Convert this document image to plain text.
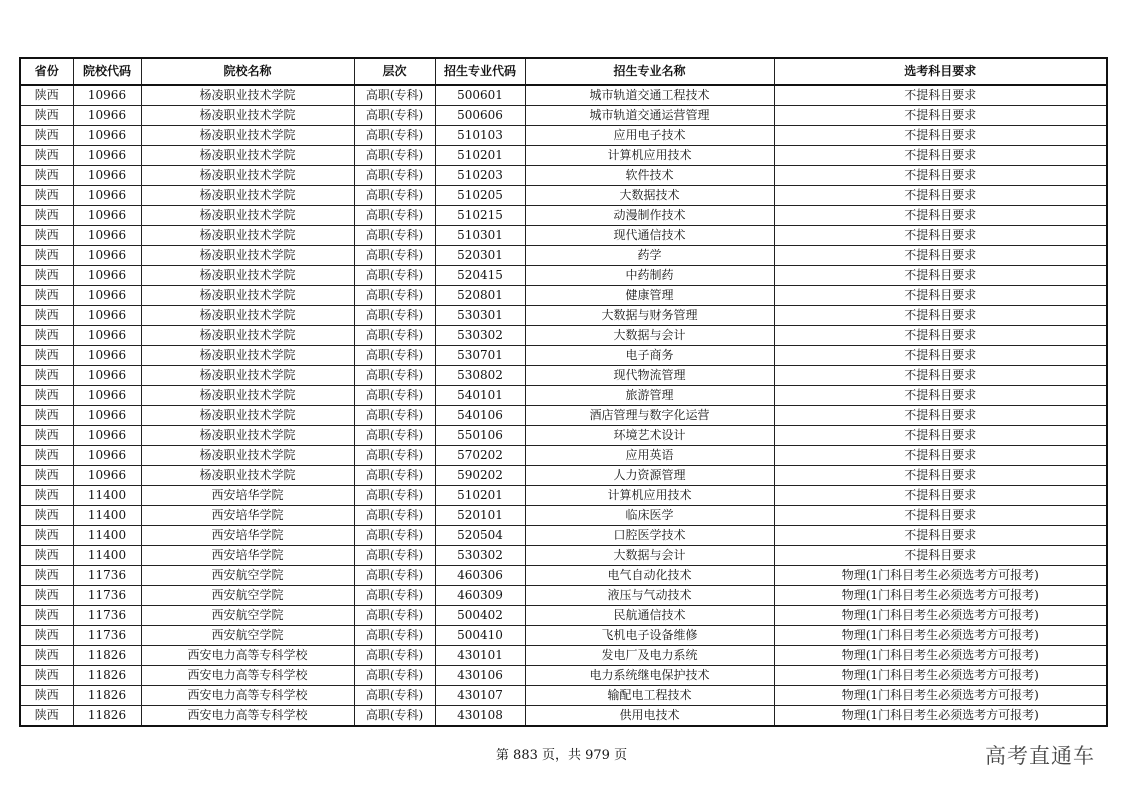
省份	院校代码	院校名称	层次	招生专业代码	招生专业名称	选考科目要求
陕西	10966	杨凌职业技术学院	高职(专科)	500601	城市轨道交通工程技术	不提科目要求
陕西	10966	杨凌职业技术学院	高职(专科)	500606	城市轨道交通运营管理	不提科目要求
陕西	10966	杨凌职业技术学院	高职(专科)	510103	应用电子技术	不提科目要求
陕西	10966	杨凌职业技术学院	高职(专科)	510201	计算机应用技术	不提科目要求
陕西	10966	杨凌职业技术学院	高职(专科)	510203	软件技术	不提科目要求
陕西	10966	杨凌职业技术学院	高职(专科)	510205	大数据技术	不提科目要求
陕西	10966	杨凌职业技术学院	高职(专科)	510215	动漫制作技术	不提科目要求
陕西	10966	杨凌职业技术学院	高职(专科)	510301	现代通信技术	不提科目要求
陕西	10966	杨凌职业技术学院	高职(专科)	520301	药学	不提科目要求
陕西	10966	杨凌职业技术学院	高职(专科)	520415	中药制药	不提科目要求
陕西	10966	杨凌职业技术学院	高职(专科)	520801	健康管理	不提科目要求
陕西	10966	杨凌职业技术学院	高职(专科)	530301	大数据与财务管理	不提科目要求
陕西	10966	杨凌职业技术学院	高职(专科)	530302	大数据与会计	不提科目要求
陕西	10966	杨凌职业技术学院	高职(专科)	530701	电子商务	不提科目要求
陕西	10966	杨凌职业技术学院	高职(专科)	530802	现代物流管理	不提科目要求
陕西	10966	杨凌职业技术学院	高职(专科)	540101	旅游管理	不提科目要求
陕西	10966	杨凌职业技术学院	高职(专科)	540106	酒店管理与数字化运营	不提科目要求
陕西	10966	杨凌职业技术学院	高职(专科)	550106	环境艺术设计	不提科目要求
陕西	10966	杨凌职业技术学院	高职(专科)	570202	应用英语	不提科目要求
陕西	10966	杨凌职业技术学院	高职(专科)	590202	人力资源管理	不提科目要求
陕西	11400	西安培华学院	高职(专科)	510201	计算机应用技术	不提科目要求
陕西	11400	西安培华学院	高职(专科)	520101	临床医学	不提科目要求
陕西	11400	西安培华学院	高职(专科)	520504	口腔医学技术	不提科目要求
陕西	11400	西安培华学院	高职(专科)	530302	大数据与会计	不提科目要求
陕西	11736	西安航空学院	高职(专科)	460306	电气自动化技术	物理(1门科目考生必须选考方可报考)
陕西	11736	西安航空学院	高职(专科)	460309	液压与气动技术	物理(1门科目考生必须选考方可报考)
陕西	11736	西安航空学院	高职(专科)	500402	民航通信技术	物理(1门科目考生必须选考方可报考)
陕西	11736	西安航空学院	高职(专科)	500410	飞机电子设备维修	物理(1门科目考生必须选考方可报考)
陕西	11826	西安电力高等专科学校	高职(专科)	430101	发电厂及电力系统	物理(1门科目考生必须选考方可报考)
陕西	11826	西安电力高等专科学校	高职(专科)	430106	电力系统继电保护技术	物理(1门科目考生必须选考方可报考)
陕西	11826	西安电力高等专科学校	高职(专科)	430107	输配电工程技术	物理(1门科目考生必须选考方可报考)
陕西	11826	西安电力高等专科学校	高职(专科)	430108	供用电技术	物理(1门科目考生必须选考方可报考)
第 883 页，共 979 页	高考直通车
